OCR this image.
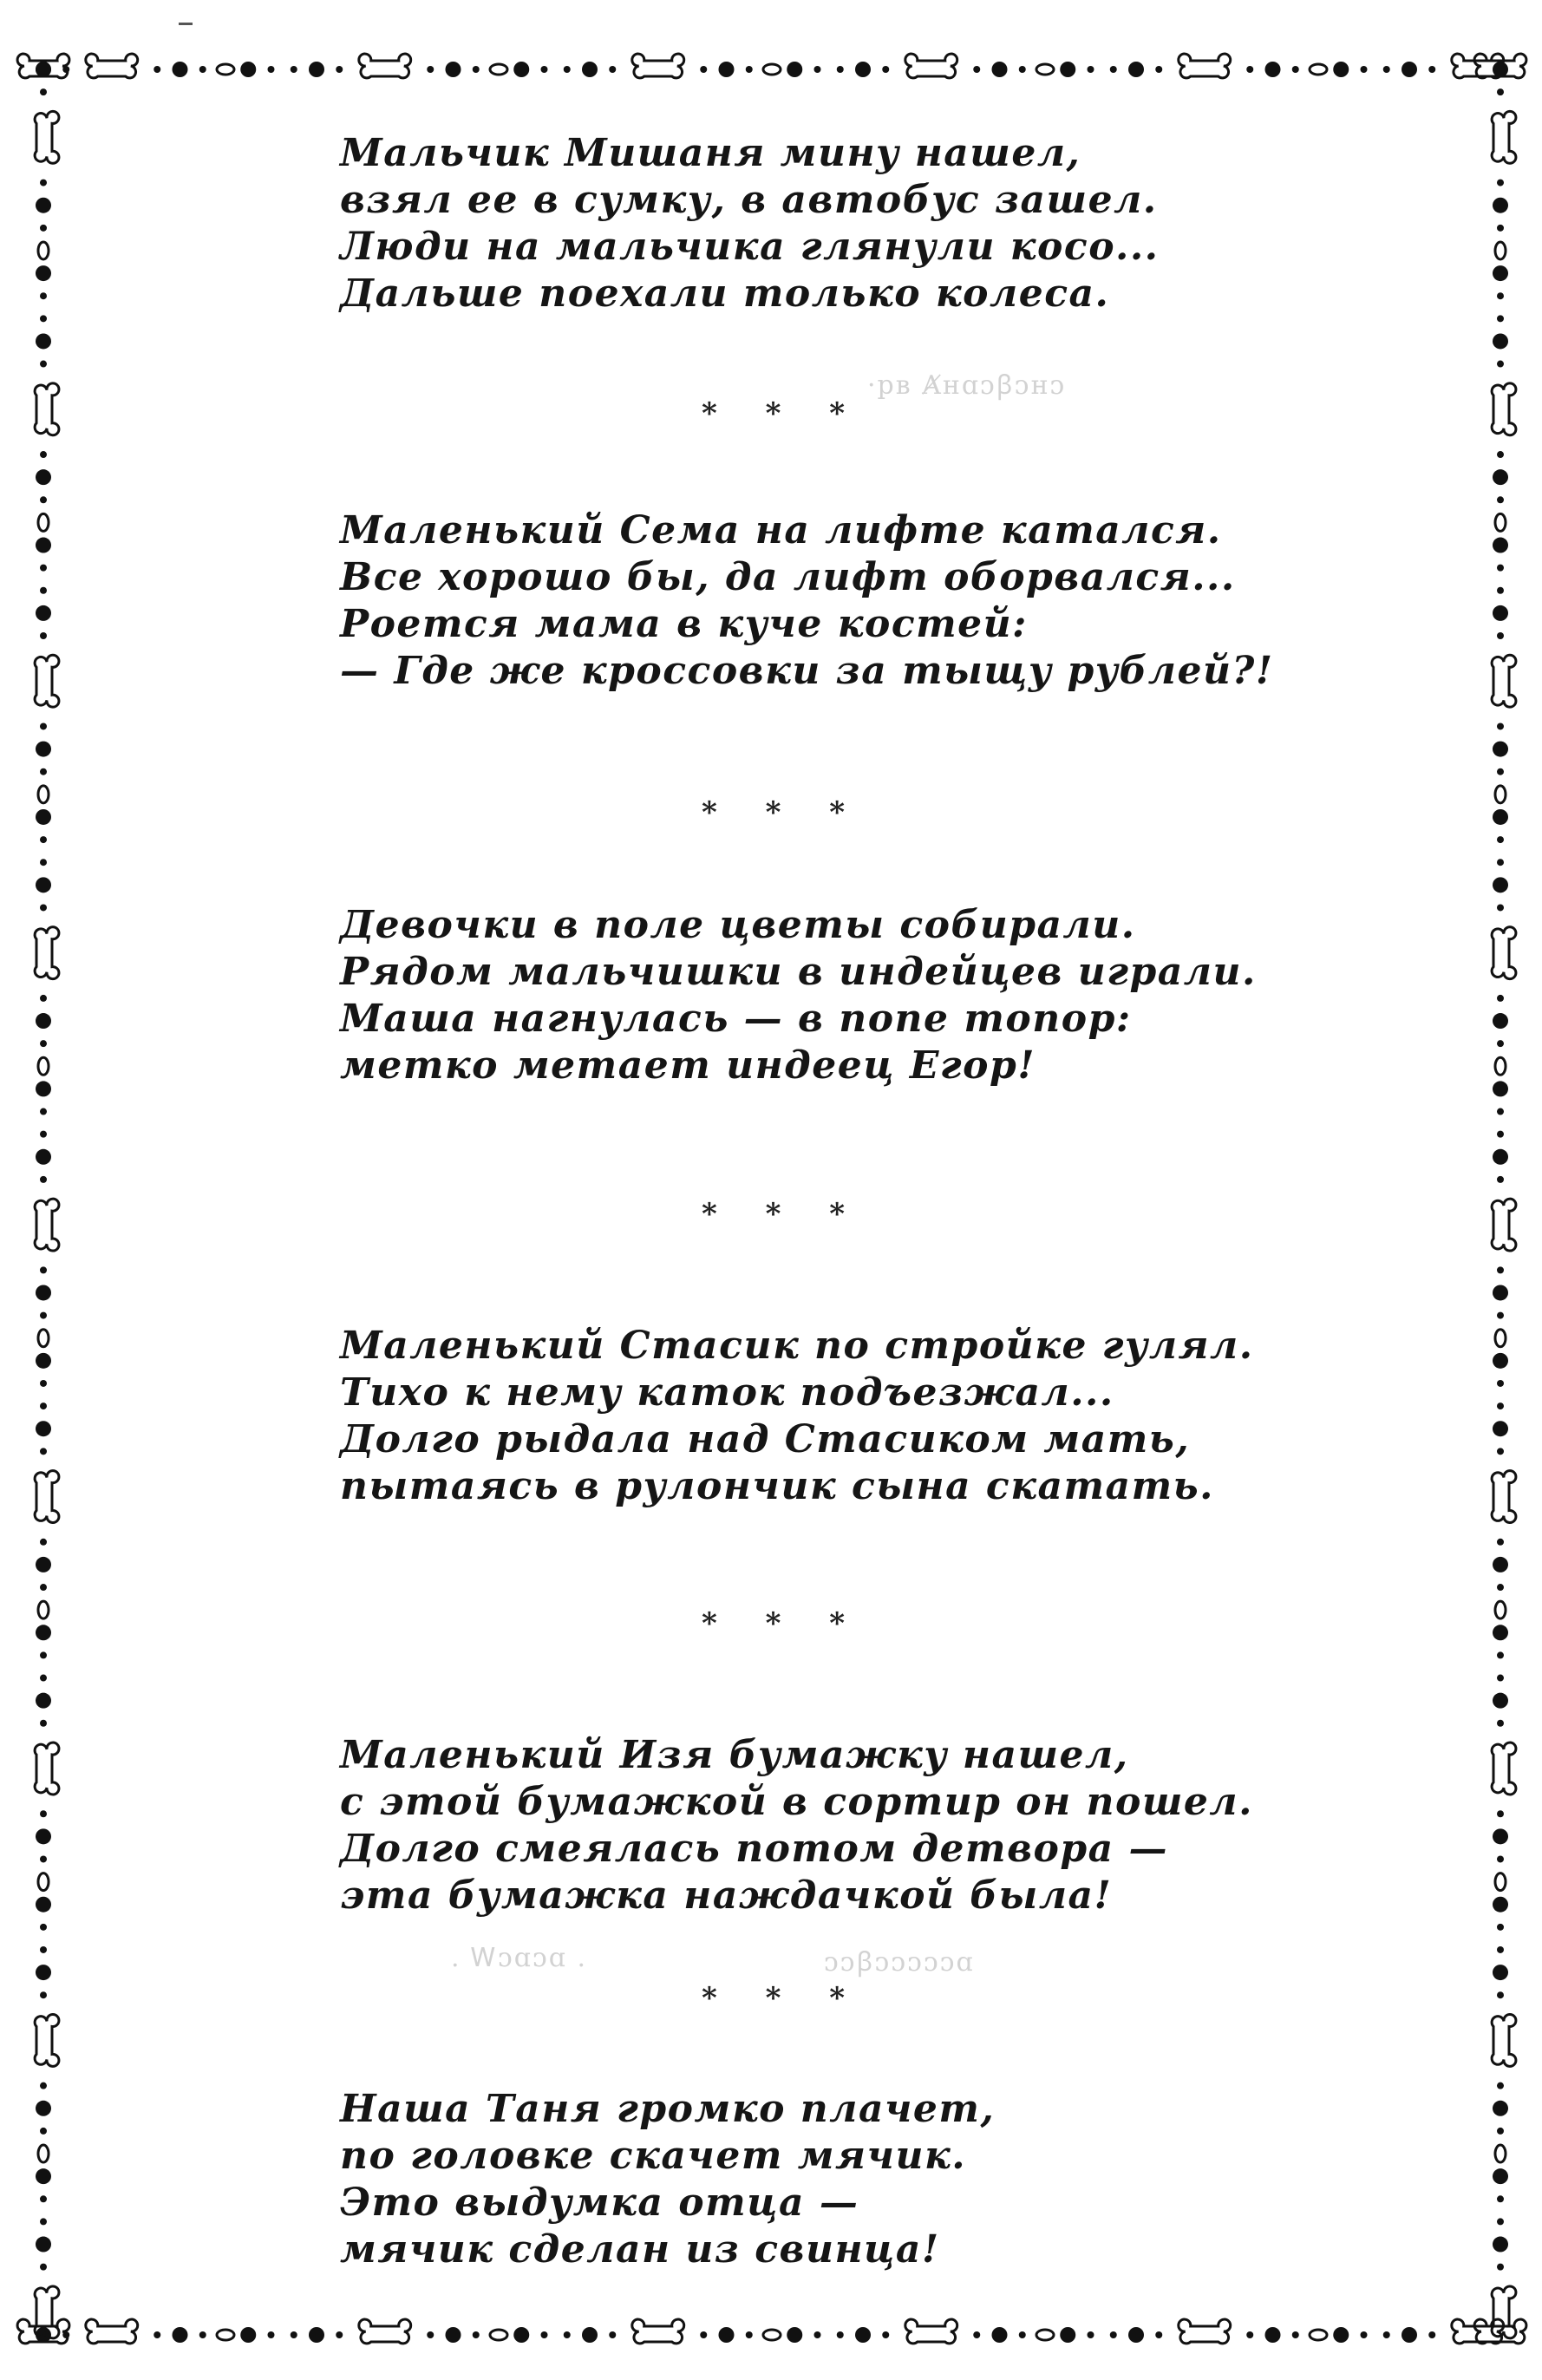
·рв Ⱥʜɑᴐꞵᴐʜᴐ
. Ꮃᴐɑᴐɑ .	ᴐᴐꞵᴐᴐᴐᴐᴐɑ
Мальчик Мишаня мину нашел,
взял ее в сумку, в автобус зашел.
Люди на мальчика глянули косо...
Дальше поехали только колеса.
* * *
Маленький Сема на лифте катался.
Все хорошо бы, да лифт оборвался...
Роется мама в куче костей:
— Где же кроссовки за тыщу рублей?!
* * *
Девочки в поле цветы собирали.
Рядом мальчишки в индейцев играли.
Маша нагнулась — в попе топор:
метко метает индеец Егор!
* * *
Маленький Стасик по стройке гулял.
Тихо к нему каток подъезжал...
Долго рыдала над Стасиком мать,
пытаясь в рулончик сына скатать.
* * *
Маленький Изя бумажку нашел,
с этой бумажкой в сортир он пошел.
Долго смеялась потом детвора —
эта бумажка наждачкой была!
* * *
Наша Таня громко плачет,
по головке скачет мячик.
Это выдумка отца —
мячик сделан из свинца!
